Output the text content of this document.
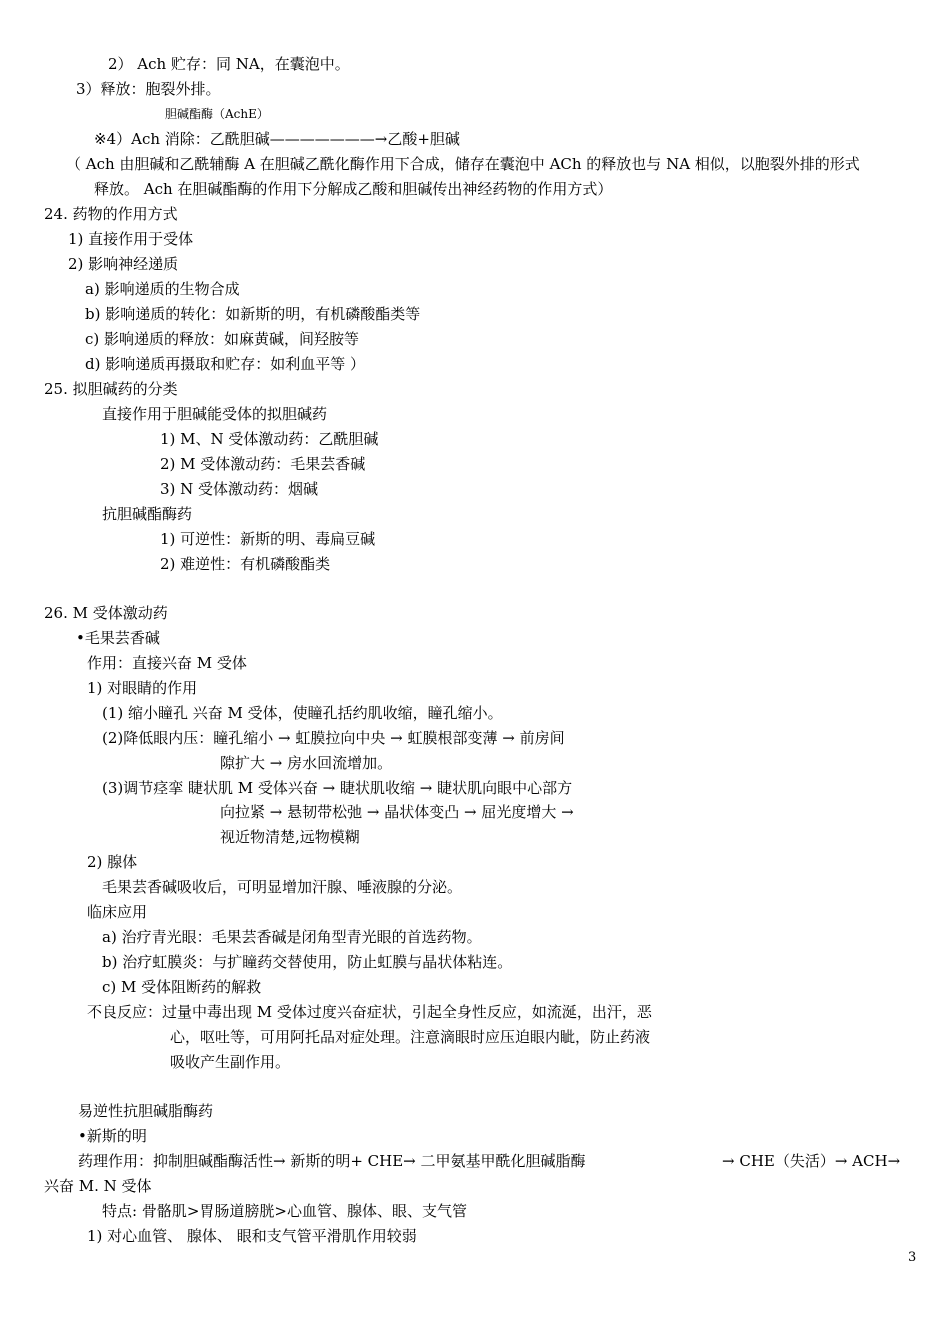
2） Ach 贮存：同 NA，在囊泡中。
3）释放：胞裂外排。
胆碱酯酶（AchE）
※4）Ach 消除：乙酰胆碱———————→乙酸+胆碱
（ Ach 由胆碱和乙酰辅酶 A 在胆碱乙酰化酶作用下合成，储存在囊泡中 ACh 的释放也与 NA 相似，以胞裂外排的形式
释放。 Ach 在胆碱酯酶的作用下分解成乙酸和胆碱传出神经药物的作用方式）
24. 药物的作用方式
1) 直接作用于受体
2) 影响神经递质
a) 影响递质的生物合成
b) 影响递质的转化：如新斯的明，有机磷酸酯类等
c) 影响递质的释放：如麻黄碱，间羟胺等
d) 影响递质再摄取和贮存：如利血平等 ）
25. 拟胆碱药的分类
直接作用于胆碱能受体的拟胆碱药
1) M、N 受体激动药：乙酰胆碱
2) M 受体激动药：毛果芸香碱
3) N 受体激动药：烟碱
抗胆碱酯酶药
1) 可逆性：新斯的明、毒扁豆碱
2) 难逆性：有机磷酸酯类
26. M 受体激动药
•毛果芸香碱
作用：直接兴奋 M 受体
1) 对眼睛的作用
(1) 缩小瞳孔 兴奋 M 受体，使瞳孔括约肌收缩，瞳孔缩小。
(2)降低眼内压：瞳孔缩小 → 虹膜拉向中央 → 虹膜根部变薄 → 前房间
隙扩大 → 房水回流增加。
(3)调节痉挛 睫状肌 M 受体兴奋 → 睫状肌收缩 → 睫状肌向眼中心部方
向拉紧 → 悬韧带松弛 → 晶状体变凸 → 屈光度增大 →
视近物清楚,远物模糊
2) 腺体
毛果芸香碱吸收后，可明显增加汗腺、唾液腺的分泌。
临床应用
a) 治疗青光眼：毛果芸香碱是闭角型青光眼的首选药物。
b) 治疗虹膜炎：与扩瞳药交替使用，防止虹膜与晶状体粘连。
c) M 受体阻断药的解救
不良反应：过量中毒出现 M 受体过度兴奋症状，引起全身性反应，如流涎，出汗，恶
心，呕吐等，可用阿托品对症处理。注意滴眼时应压迫眼内眦，防止药液
吸收产生副作用。
易逆性抗胆碱脂酶药
•新斯的明
药理作用：抑制胆碱酯酶活性→ 新斯的明+ CHE→ 二甲氨基甲酰化胆碱脂酶	→ CHE（失活）→ ACH→
兴奋 M. N 受体
特点: 骨骼肌>胃肠道膀胱>心血管、腺体、眼、支气管
1) 对心血管、 腺体、 眼和支气管平滑肌作用较弱
3
